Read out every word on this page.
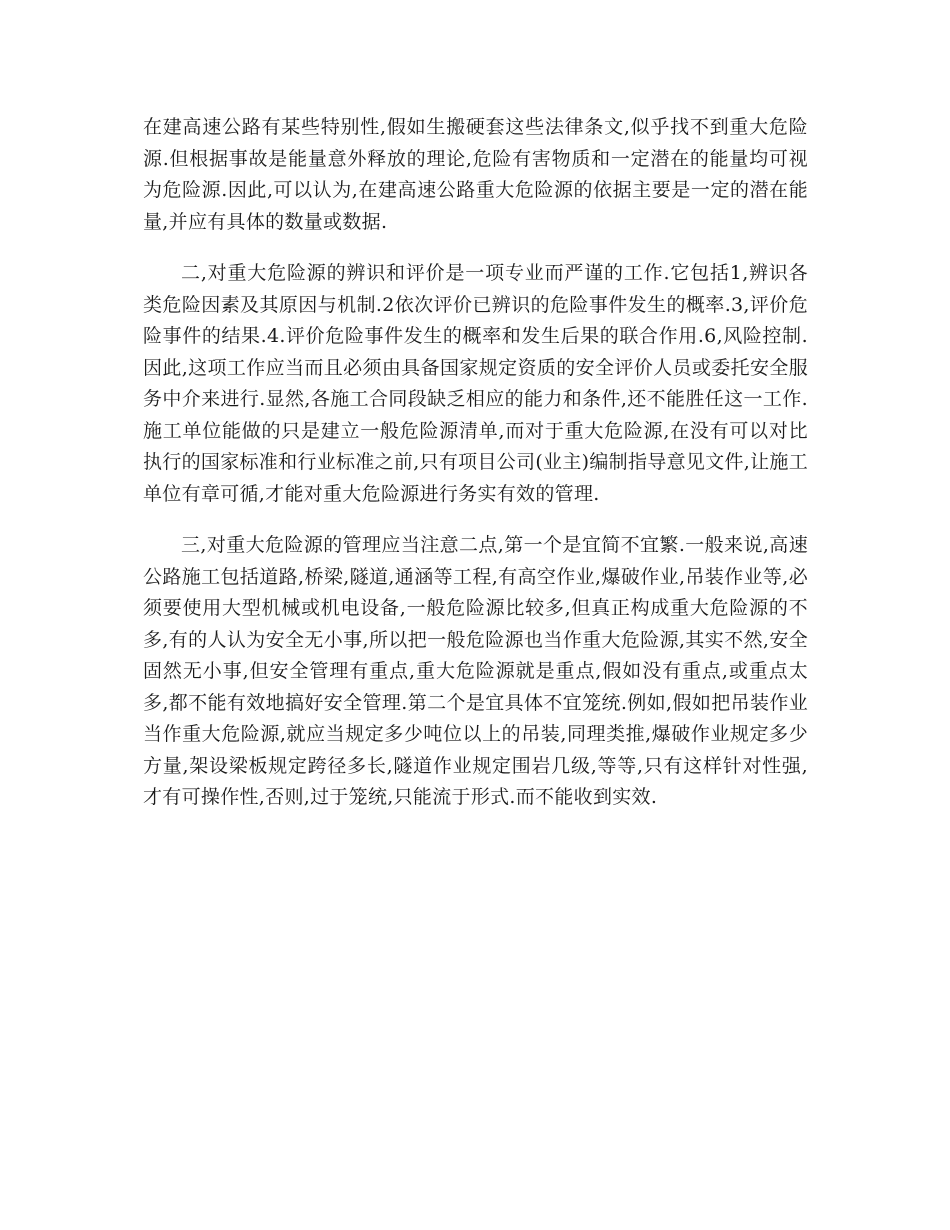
在建高速公路有某些特别性,假如生搬硬套这些法律条文,似乎找不到重大危险源.但根据事故是能量意外释放的理论,危险有害物质和一定潜在的能量均可视为危险源.因此,可以认为,在建高速公路重大危险源的依据主要是一定的潜在能量,并应有具体的数量或数据.

二,对重大危险源的辨识和评价是一项专业而严谨的工作.它包括1,辨识各类危险因素及其原因与机制.2依次评价已辨识的危险事件发生的概率.3,评价危险事件的结果.4.评价危险事件发生的概率和发生后果的联合作用.6,风险控制.因此,这项工作应当而且必须由具备国家规定资质的安全评价人员或委托安全服务中介来进行.显然,各施工合同段缺乏相应的能力和条件,还不能胜任这一工作.施工单位能做的只是建立一般危险源清单,而对于重大危险源,在没有可以对比执行的国家标准和行业标准之前,只有项目公司(业主)编制指导意见文件,让施工单位有章可循,才能对重大危险源进行务实有效的管理.

三,对重大危险源的管理应当注意二点,第一个是宜简不宜繁.一般来说,高速公路施工包括道路,桥梁,隧道,通涵等工程,有高空作业,爆破作业,吊装作业等,必须要使用大型机械或机电设备,一般危险源比较多,但真正构成重大危险源的不多,有的人认为安全无小事,所以把一般危险源也当作重大危险源,其实不然,安全固然无小事,但安全管理有重点,重大危险源就是重点,假如没有重点,或重点太多,都不能有效地搞好安全管理.第二个是宜具体不宜笼统.例如,假如把吊装作业当作重大危险源,就应当规定多少吨位以上的吊装,同理类推,爆破作业规定多少方量,架设梁板规定跨径多长,隧道作业规定围岩几级,等等,只有这样针对性强,才有可操作性,否则,过于笼统,只能流于形式.而不能收到实效.
